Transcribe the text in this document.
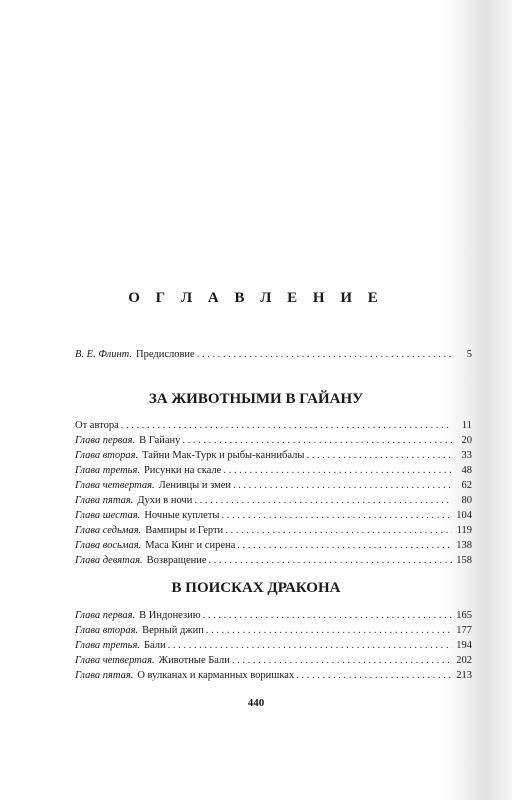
О Г Л А В Л Е Н И Е
В. Е. Флинт. Предисловие . . .	5
ЗА ЖИВОТНЫМИ В ГАЙАНУ
От автора . . .	11
Глава первая. В Гайану . . .	20
Глава вторая. Тайни Мак-Турк и рыбы-каннибалы . . .	33
Глава третья. Рисунки на скале . . .	48
Глава четвертая. Ленивцы и змеи . . .	62
Глава пятая. Духи в ночи . . .	80
Глава шестая. Ночные куплеты . . .	104
Глава седьмая. Вампиры и Герти . . .	119
Глава восьмая. Маса Кинг и сирена . . .	138
Глава девятая. Возвращение . . .	158
В ПОИСКАХ ДРАКОНА
Глава первая. В Индонезию . . .	165
Глава вторая. Верный джип . . .	177
Глава третья. Бали . . .	194
Глава четвертая. Животные Бали . . .	202
Глава пятая. О вулканах и карманных воришках . . .	213
440
